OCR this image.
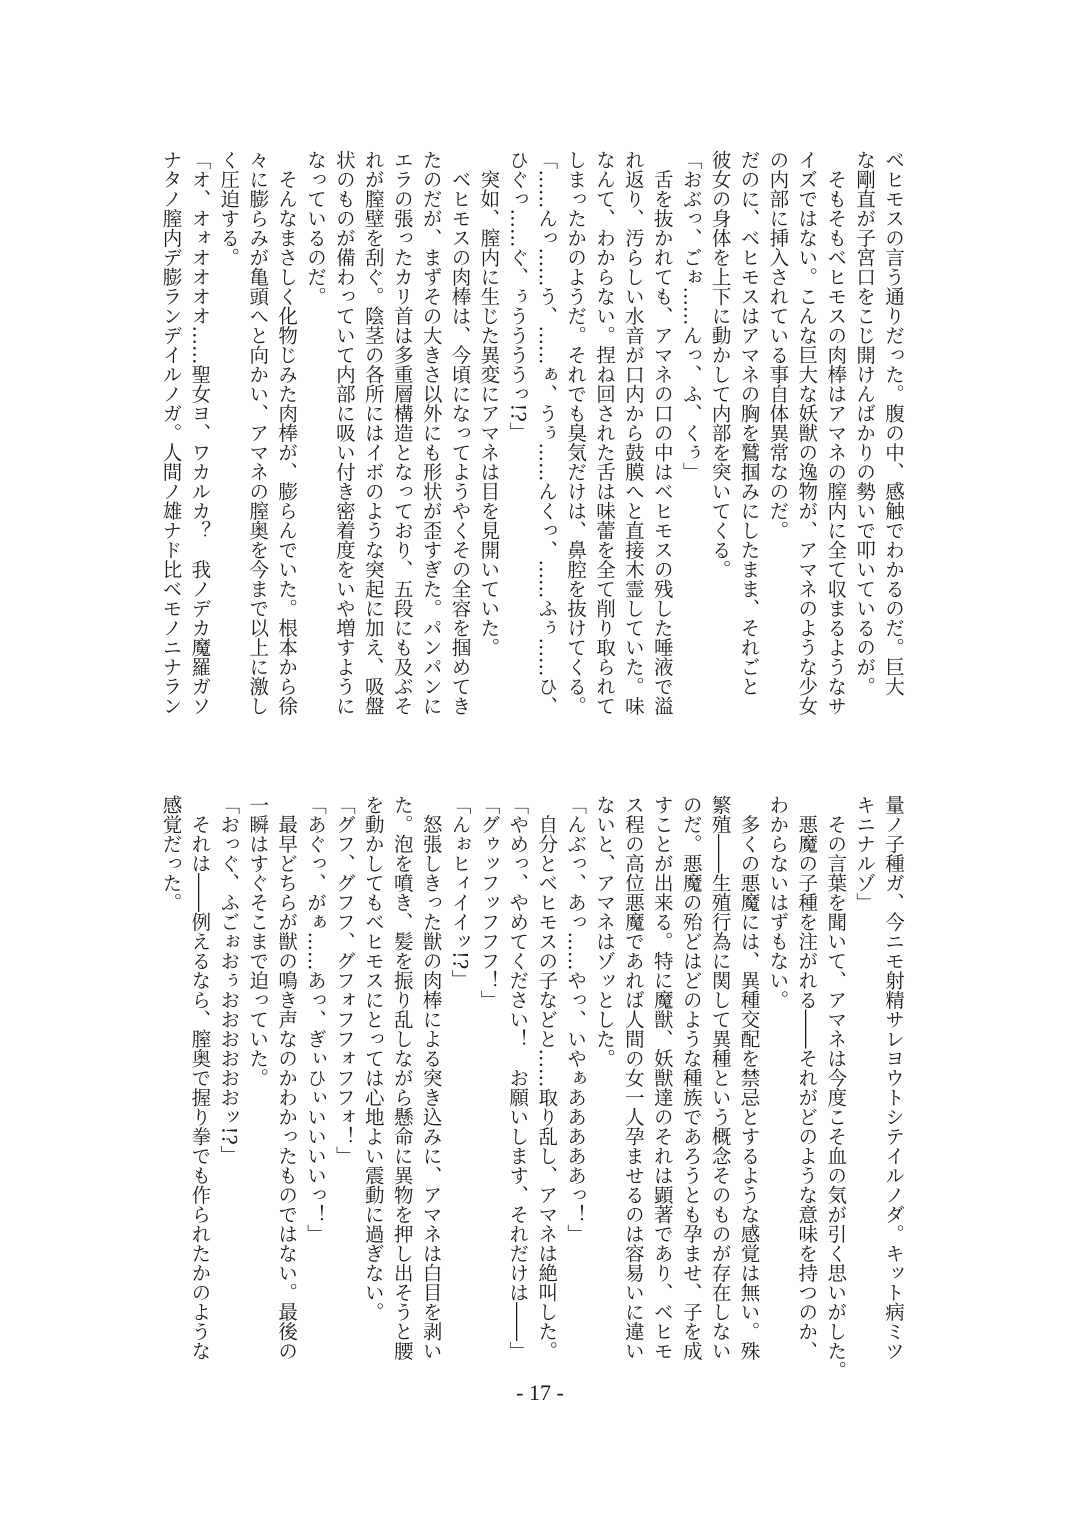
ベヒモスの言う通りだった。腹の中、感触でわかるのだ。巨大
な剛直が子宮口をこじ開けんばかりの勢いで叩いているのが。
　そもそもベヒモスの肉棒はアマネの膣内に全て収まるようなサ
イズではない。こんな巨大な妖獣の逸物が、アマネのような少女
の内部に挿入されている事自体異常なのだ。
だのに、ベヒモスはアマネの胸を鷲掴みにしたまま、それごと
彼女の身体を上下に動かして内部を突いてくる。
「おぶっ、ごぉ……んっ、ふ、くぅ」
　舌を抜かれても、アマネの口の中はベヒモスの残した唾液で溢
れ返り、汚らしい水音が口内から鼓膜へと直接木霊していた。味
なんて、わからない。捏ね回された舌は味蕾を全て削り取られて
しまったかのようだ。それでも臭気だけは、鼻腔を抜けてくる。
「……んっ……う、……ぁ、うぅ……んくっ、……ふぅ……ひ、
ひぐっ……ぐ、ぅううううっ!?」
　突如、膣内に生じた異変にアマネは目を見開いていた。
　ベヒモスの肉棒は、今頃になってようやくその全容を掴めてき
たのだが、まずその大きさ以外にも形状が歪すぎた。パンパンに
エラの張ったカリ首は多重層構造となっており、五段にも及ぶそ
れが膣壁を刮ぐ。陰茎の各所にはイボのような突起に加え、吸盤
状のものが備わっていて内部に吸い付き密着度をいや増すように
なっているのだ。
　そんなまさしく化物じみた肉棒が、膨らんでいた。根本から徐
々に膨らみが亀頭へと向かい、アマネの膣奥を今まで以上に激し
く圧迫する。
「オ、オォオオオオ……聖女ヨ、ワカルカ？　我ノデカ魔羅ガソ
ナタノ膣内デ膨ランデイルノガ。人間ノ雄ナド比ベモノニナラン
量ノ子種ガ、今ニモ射精サレヨウトシテイルノダ。キット病ミツ
キニナルゾ」
　その言葉を聞いて、アマネは今度こそ血の気が引く思いがした。
　悪魔の子種を注がれる――それがどのような意味を持つのか、
わからないはずもない。
　多くの悪魔には、異種交配を禁忌とするような感覚は無い。殊
繁殖――生殖行為に関して異種という概念そのものが存在しない
のだ。悪魔の殆どはどのような種族であろうとも孕ませ、子を成
すことが出来る。特に魔獣、妖獣達のそれは顕著であり、ベヒモ
ス程の高位悪魔であれば人間の女一人孕ませるのは容易いに違い
ないと、アマネはゾッとした。
「んぶっ、あっ……やっ、いやぁあああああっ！」
　自分とベヒモスの子などと……取り乱し、アマネは絶叫した。
「やめっ、やめてください！　お願いします、それだけは――」
「グゥッフッフフフ！」
「んぉヒィイイッ!?」
　怒張しきった獣の肉棒による突き込みに、アマネは白目を剥い
た。泡を噴き、髪を振り乱しながら懸命に異物を押し出そうと腰
を動かしてもベヒモスにとっては心地よい震動に過ぎない。
「グフ、グフフ、グフォフフォフフォ！」
「あぐっ、がぁ……あっ、ぎぃひぃいいいいっ！」
　最早どちらが獣の鳴き声なのかわかったものではない。最後の
一瞬はすぐそこまで迫っていた。
「おっぐ、ふごぉおぅおおおおおおッ!?」
　それは――例えるなら、膣奥で握り拳でも作られたかのような
感覚だった。
- 17 -
